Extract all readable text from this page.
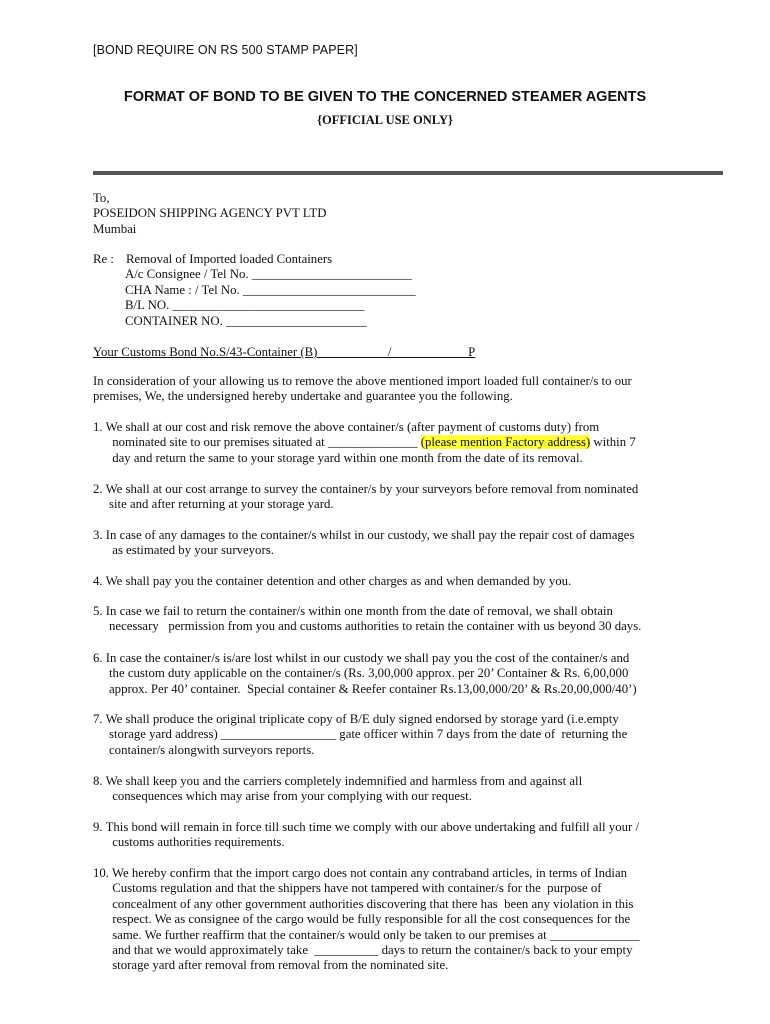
[BOND REQUIRE ON RS 500 STAMP PAPER]
FORMAT OF BOND TO BE GIVEN TO THE CONCERNED STEAMER AGENTS
{OFFICIAL USE ONLY}
To,
POSEIDON SHIPPING AGENCY PVT LTD
Mumbai
Re : Removal of Imported loaded Containers
A/c Consignee / Tel No. _________________________
CHA Name : / Tel No. ___________________________
B/L NO. ______________________________
CONTAINER NO. ______________________
Your Customs Bond No.S/43-Container (B)___________/____________P
In consideration of your allowing us to remove the above mentioned import loaded full container/s to our
premises, We, the undersigned hereby undertake and guarantee you the following.
1. We shall at our cost and risk remove the above container/s (after payment of customs duty) from
nominated site to our premises situated at ______________ (please mention Factory address) within 7
day and return the same to your storage yard within one month from the date of its removal.
2. We shall at our cost arrange to survey the container/s by your surveyors before removal from nominated
site and after returning at your storage yard.
3. In case of any damages to the container/s whilst in our custody, we shall pay the repair cost of damages
as estimated by your surveyors.
4. We shall pay you the container detention and other charges as and when demanded by you.
5. In case we fail to return the container/s within one month from the date of removal, we shall obtain
necessary   permission from you and customs authorities to retain the container with us beyond 30 days.
6. In case the container/s is/are lost whilst in our custody we shall pay you the cost of the container/s and
the custom duty applicable on the container/s (Rs. 3,00,000 approx. per 20’ Container & Rs. 6,00,000
approx. Per 40’ container.  Special container & Reefer container Rs.13,00,000/20’ & Rs.20,00,000/40’)
7. We shall produce the original triplicate copy of B/E duly signed endorsed by storage yard (i.e.empty
storage yard address) __________________ gate officer within 7 days from the date of  returning the
container/s alongwith surveyors reports.
8. We shall keep you and the carriers completely indemnified and harmless from and against all
consequences which may arise from your complying with our request.
9. This bond will remain in force till such time we comply with our above undertaking and fulfill all your /
customs authorities requirements.
10. We hereby confirm that the import cargo does not contain any contraband articles, in terms of Indian
Customs regulation and that the shippers have not tampered with container/s for the  purpose of
concealment of any other government authorities discovering that there has  been any violation in this
respect. We as consignee of the cargo would be fully responsible for all the cost consequences for the
same. We further reaffirm that the container/s would only be taken to our premises at ______________
and that we would approximately take  __________ days to return the container/s back to your empty
storage yard after removal from removal from the nominated site.
